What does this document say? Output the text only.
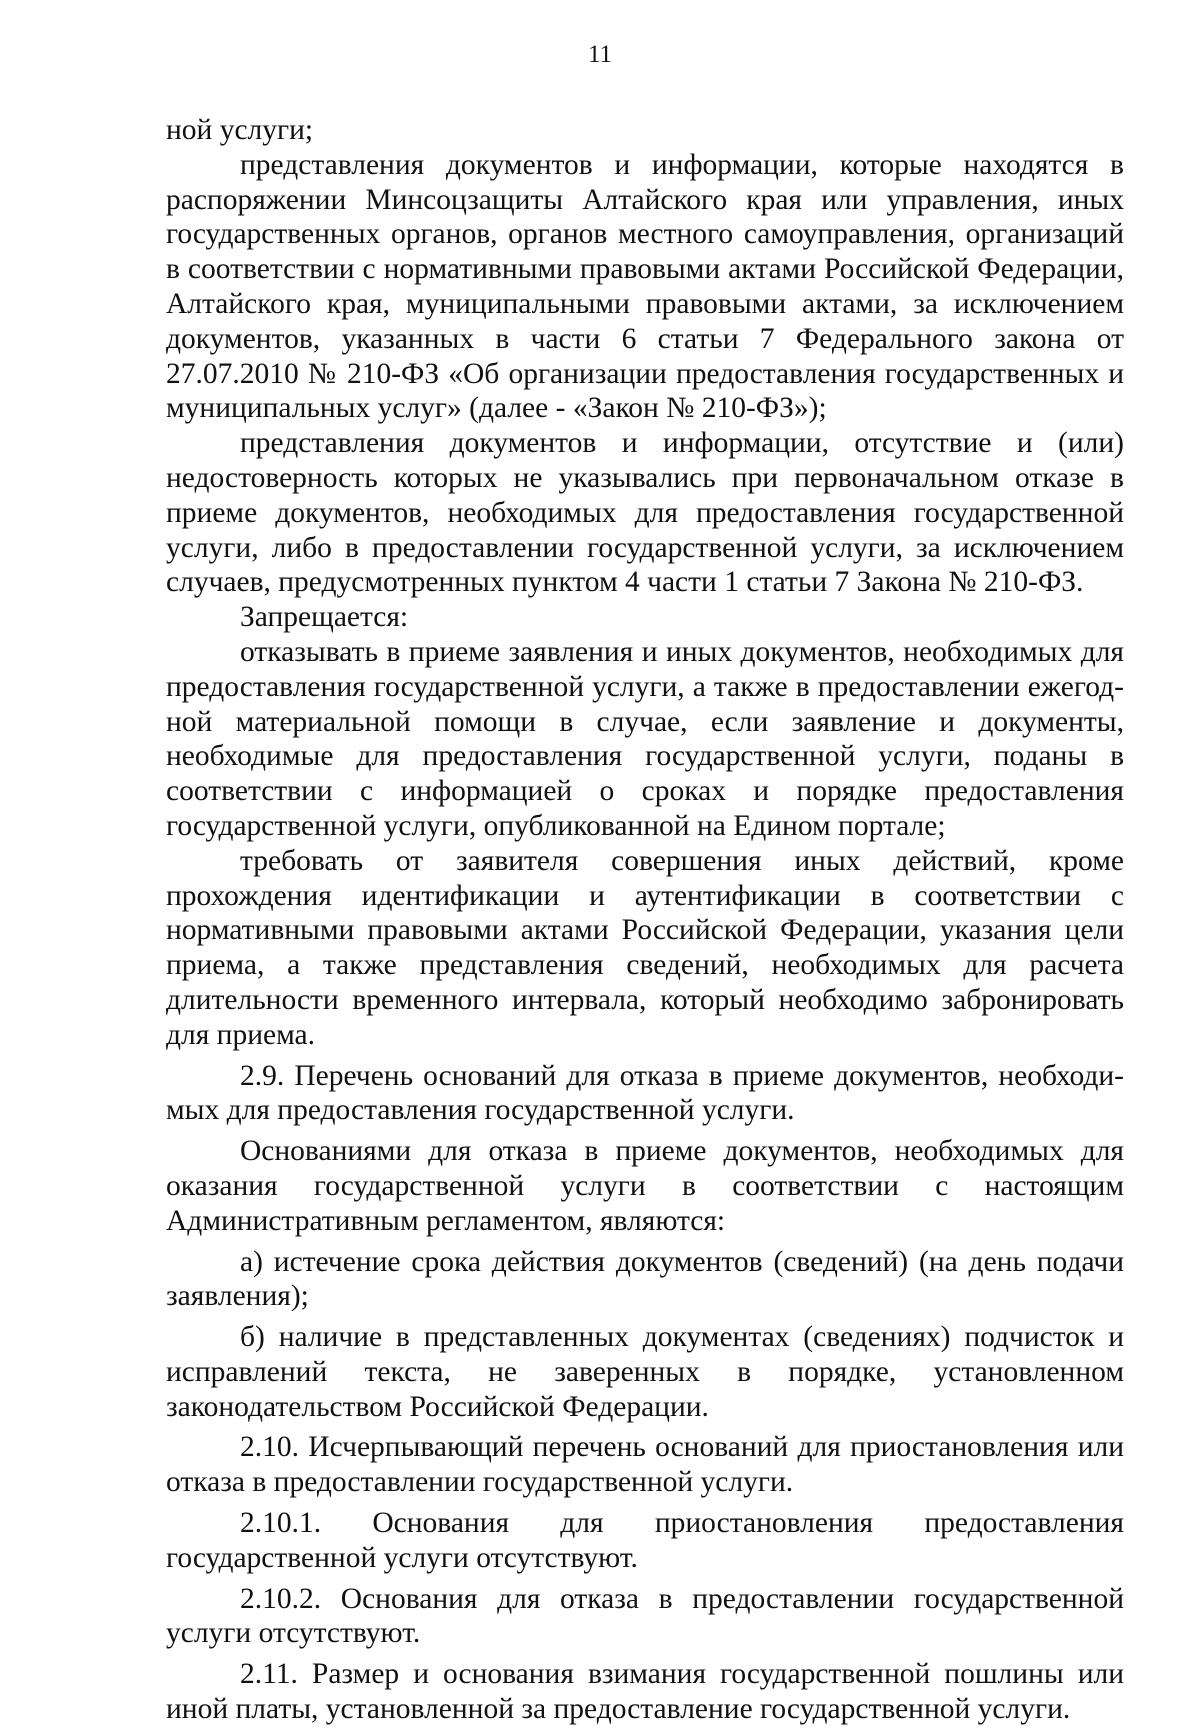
11

ной услуги;

представления документов и информации, которые находятся в распоряжении Минсоцзащиты Алтайского края или управления, иных государственных органов, органов местного самоуправления, организаций в соответствии с нормативными правовыми актами Российской Федерации, Алтайского края, муниципальными правовыми актами, за исключением документов, указанных в части 6 статьи 7 Федерального закона от 27.07.2010 № 210-ФЗ «Об организации предоставления государственных и муниципальных услуг» (далее - «Закон № 210-ФЗ»);

представления документов и информации, отсутствие и (или) недостоверность которых не указывались при первоначальном отказе в приеме документов, необходимых для предоставления государственной услуги, либо в предоставлении государственной услуги, за исключением случаев, предусмотренных пунктом 4 части 1 статьи 7 Закона № 210-ФЗ.

Запрещается:

отказывать в приеме заявления и иных документов, необходимых для предоставления государственной услуги, а также в предоставлении ежегодной материальной помощи в случае, если заявление и документы, необходимые для предоставления государственной услуги, поданы в соответствии с информацией о сроках и порядке предоставления государственной услуги, опубликованной на Едином портале;

требовать от заявителя совершения иных действий, кроме прохождения идентификации и аутентификации в соответствии с нормативными правовыми актами Российской Федерации, указания цели приема, а также представления сведений, необходимых для расчета длительности временного интервала, который необходимо забронировать для приема.

2.9. Перечень оснований для отказа в приеме документов, необходимых для предоставления государственной услуги.

Основаниями для отказа в приеме документов, необходимых для оказания государственной услуги в соответствии с настоящим Административным регламентом, являются:

а) истечение срока действия документов (сведений) (на день подачи заявления);

б) наличие в представленных документах (сведениях) подчисток и исправлений текста, не заверенных в порядке, установленном законодательством Российской Федерации.

2.10. Исчерпывающий перечень оснований для приостановления или отказа в предоставлении государственной услуги.

2.10.1. Основания для приостановления предоставления государственной услуги отсутствуют.

2.10.2. Основания для отказа в предоставлении государственной услуги отсутствуют.

2.11. Размер и основания взимания государственной пошлины или иной платы, установленной за предоставление государственной услуги.
